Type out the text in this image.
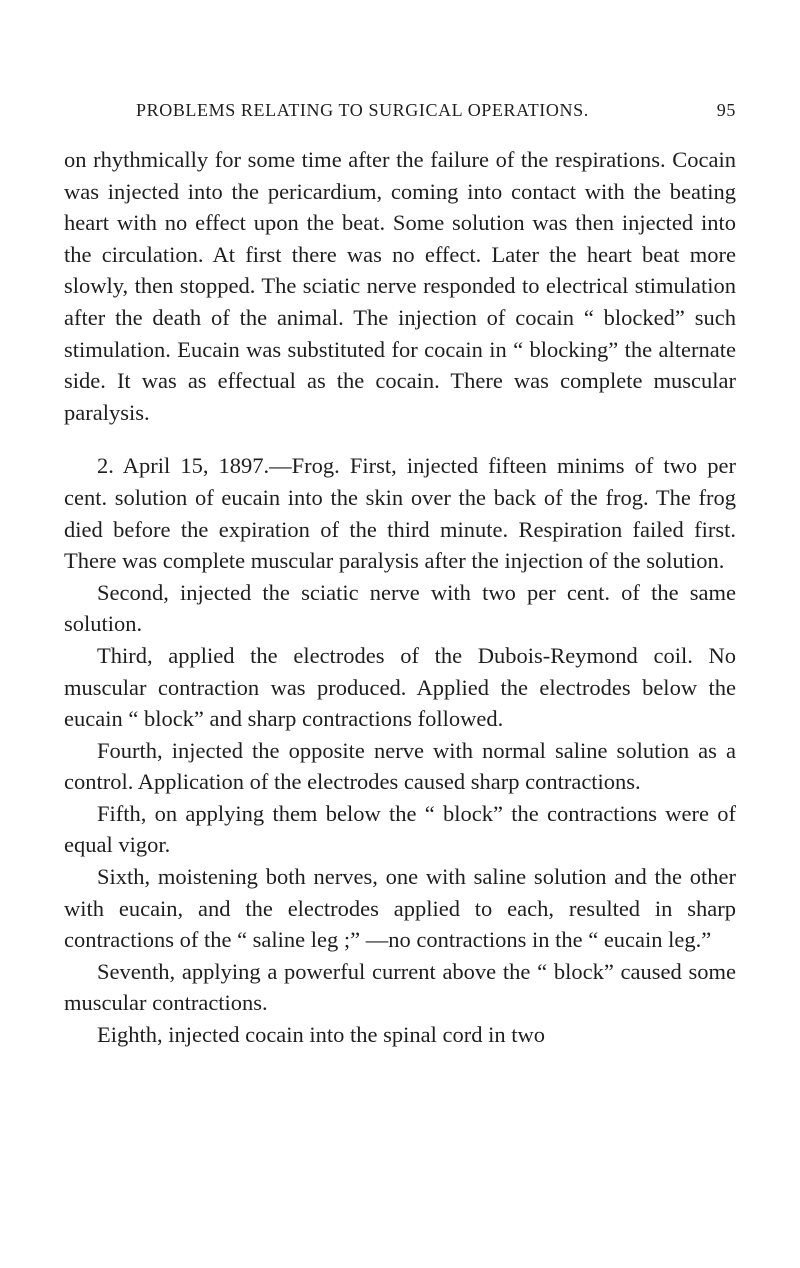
PROBLEMS RELATING TO SURGICAL OPERATIONS.	95

on rhythmically for some time after the failure of the respirations. Cocain was injected into the pericardium, coming into contact with the beating heart with no effect upon the beat. Some solution was then injected into the circulation. At first there was no effect. Later the heart beat more slowly, then stopped. The sciatic nerve responded to electrical stimulation after the death of the animal. The injection of cocain “ blocked” such stimulation. Eucain was substituted for cocain in “ blocking” the alternate side. It was as effectual as the cocain. There was complete muscular paralysis.

2. April 15, 1897.—Frog. First, injected fifteen minims of two per cent. solution of eucain into the skin over the back of the frog. The frog died before the expiration of the third minute. Respiration failed first. There was complete muscular paralysis after the injection of the solution.

Second, injected the sciatic nerve with two per cent. of the same solution.

Third, applied the electrodes of the Dubois-Reymond coil. No muscular contraction was produced. Applied the electrodes below the eucain “ block” and sharp contractions followed.

Fourth, injected the opposite nerve with normal saline solution as a control. Application of the electrodes caused sharp contractions.

Fifth, on applying them below the “ block” the contractions were of equal vigor.

Sixth, moistening both nerves, one with saline solution and the other with eucain, and the electrodes applied to each, resulted in sharp contractions of the “ saline leg ;” —no contractions in the “ eucain leg.”

Seventh, applying a powerful current above the “ block” caused some muscular contractions.

Eighth, injected cocain into the spinal cord in two
